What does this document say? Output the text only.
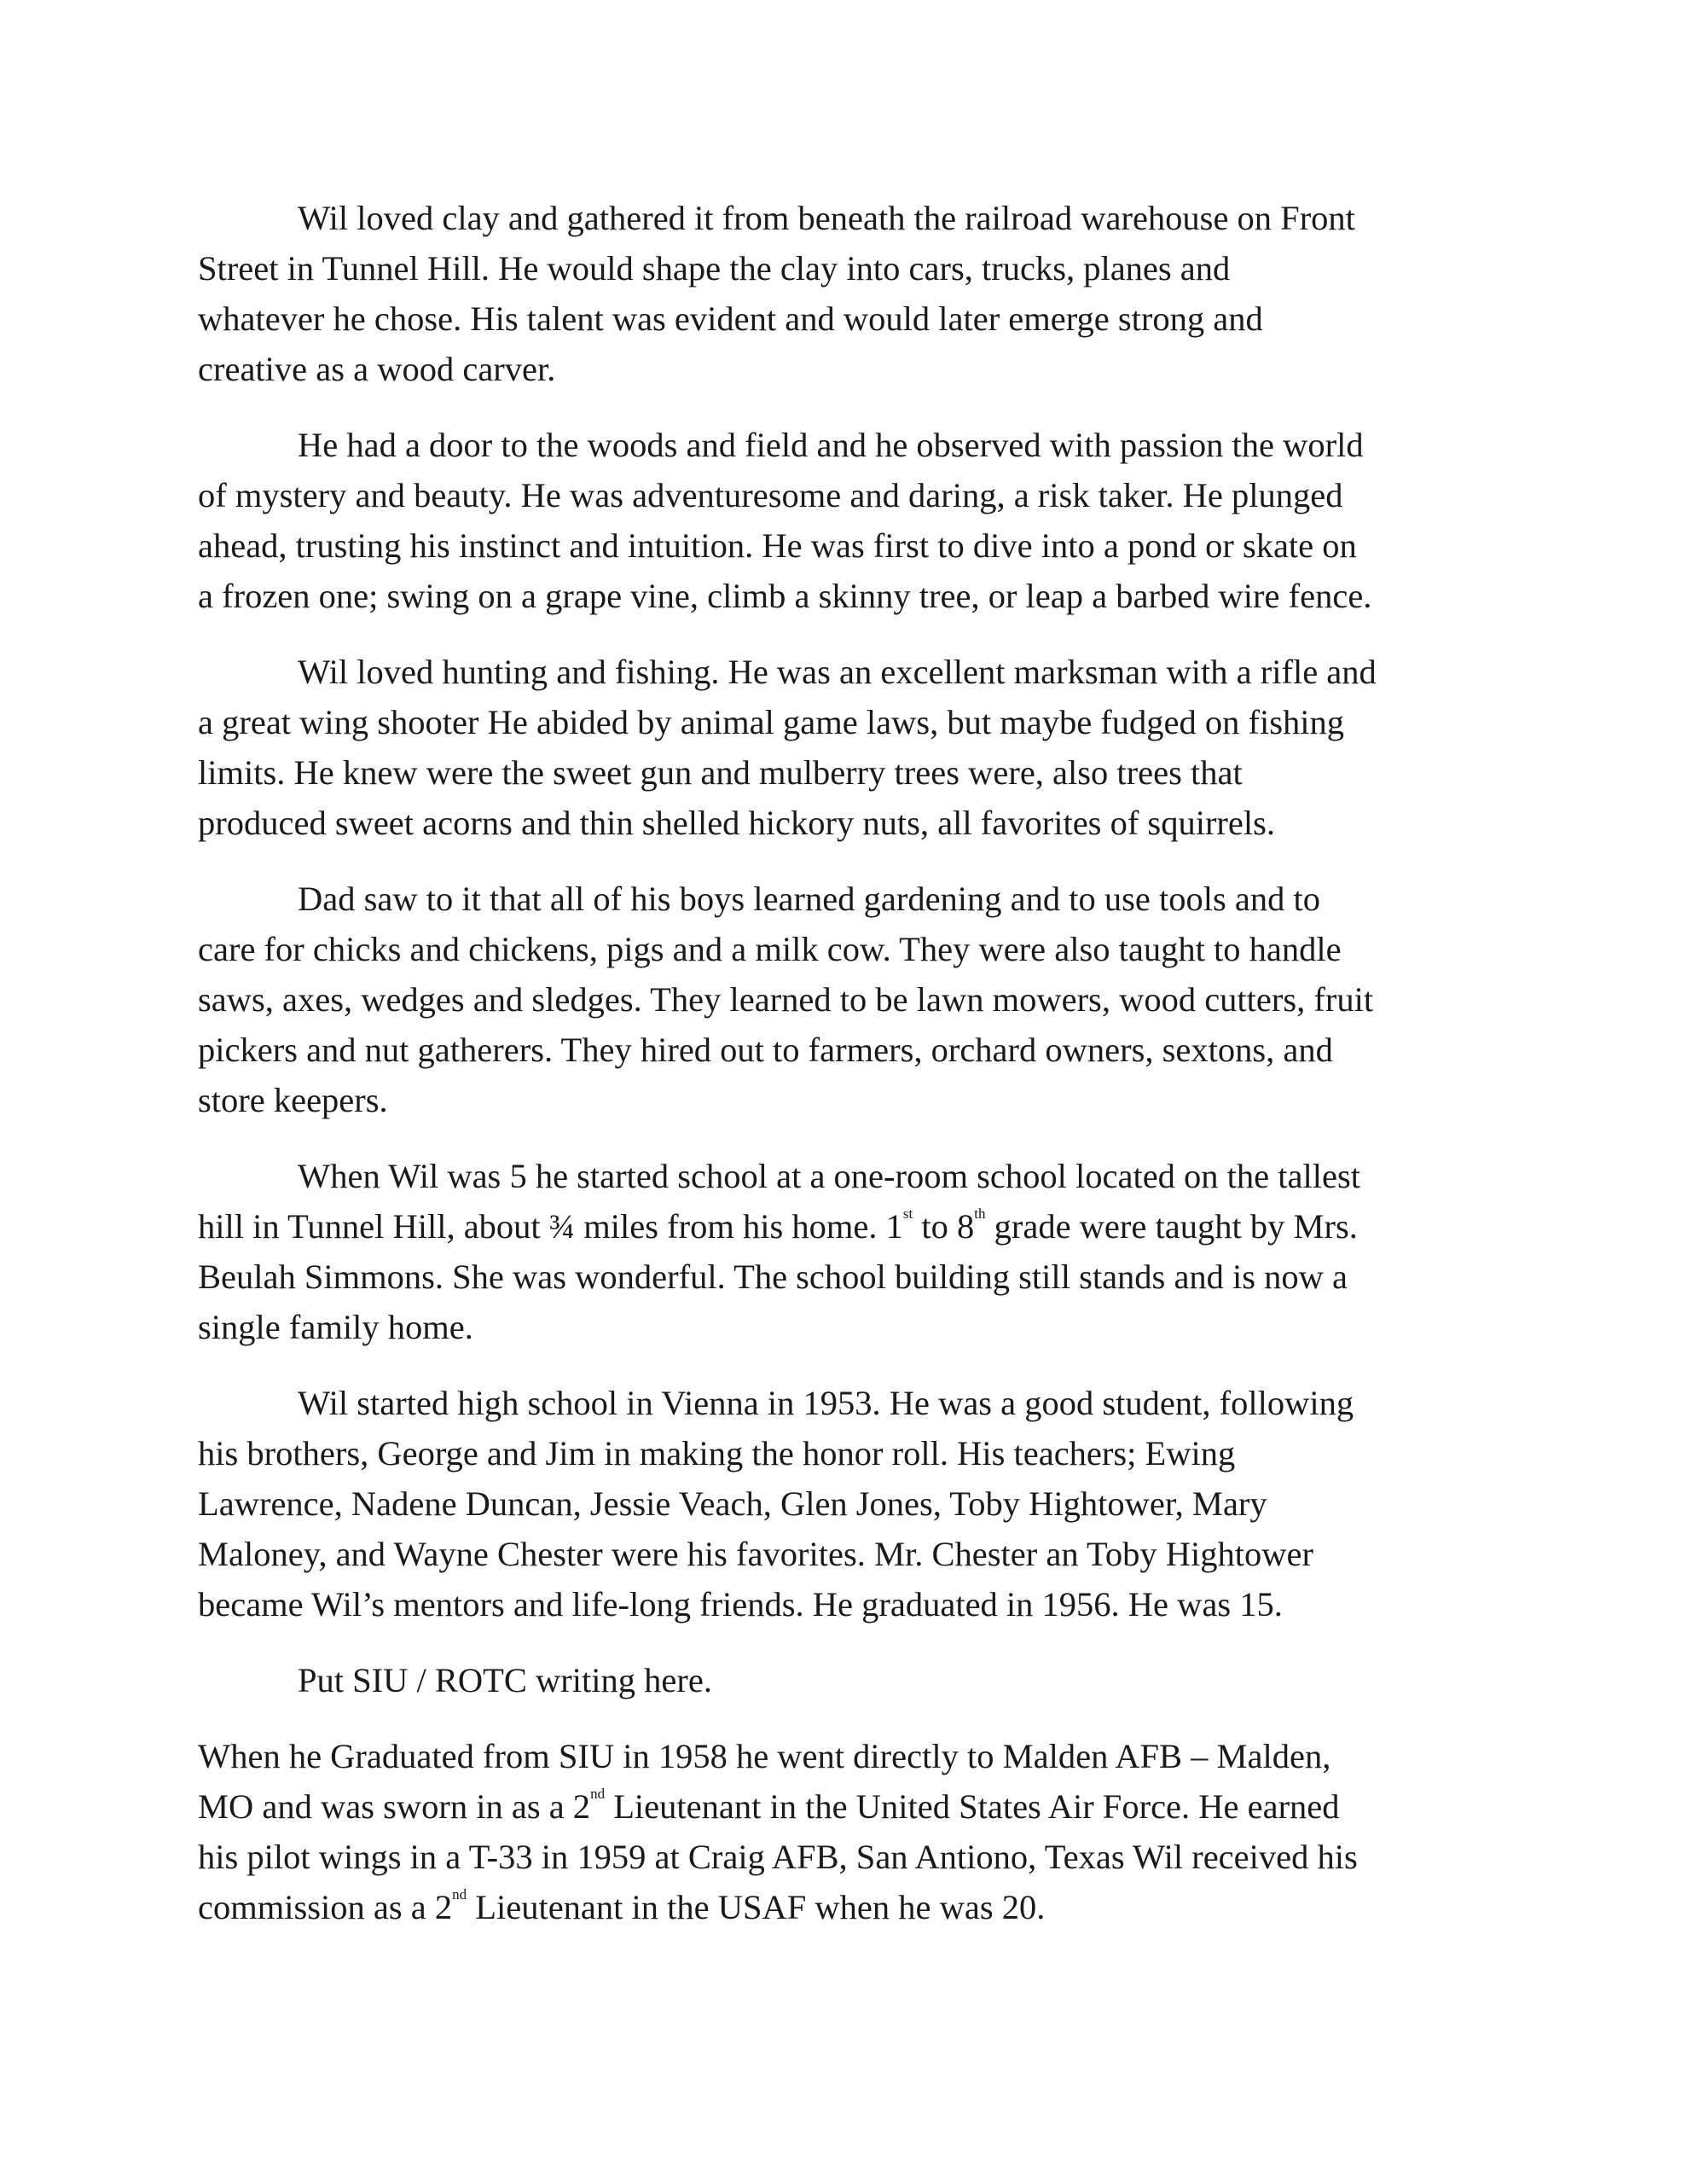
Wil loved clay and gathered it from beneath the railroad warehouse on Front
Street in Tunnel Hill. He would shape the clay into cars, trucks, planes and
whatever he chose. His talent was evident and would later emerge strong and
creative as a wood carver.

He had a door to the woods and field and he observed with passion the world
of mystery and beauty. He was adventuresome and daring, a risk taker. He plunged
ahead, trusting his instinct and intuition. He was first to dive into a pond or skate on
a frozen one; swing on a grape vine, climb a skinny tree, or leap a barbed wire fence.

Wil loved hunting and fishing. He was an excellent marksman with a rifle and
a great wing shooter He abided by animal game laws, but maybe fudged on fishing
limits. He knew were the sweet gun and mulberry trees were, also trees that
produced sweet acorns and thin shelled hickory nuts, all favorites of squirrels.

Dad saw to it that all of his boys learned gardening and to use tools and to
care for chicks and chickens, pigs and a milk cow. They were also taught to handle
saws, axes, wedges and sledges. They learned to be lawn mowers, wood cutters, fruit
pickers and nut gatherers. They hired out to farmers, orchard owners, sextons, and
store keepers.

When Wil was 5 he started school at a one-room school located on the tallest
hill in Tunnel Hill, about ¾ miles from his home. 1st to 8th grade were taught by Mrs.
Beulah Simmons. She was wonderful. The school building still stands and is now a
single family home.

Wil started high school in Vienna in 1953. He was a good student, following
his brothers, George and Jim in making the honor roll. His teachers; Ewing
Lawrence, Nadene Duncan, Jessie Veach, Glen Jones, Toby Hightower, Mary
Maloney, and Wayne Chester were his favorites. Mr. Chester an Toby Hightower
became Wil’s mentors and life-long friends. He graduated in 1956. He was 15.

Put SIU / ROTC writing here.

When he Graduated from SIU in 1958 he went directly to Malden AFB – Malden,
MO and was sworn in as a 2nd Lieutenant in the United States Air Force. He earned
his pilot wings in a T-33 in 1959 at Craig AFB, San Antiono, Texas Wil received his
commission as a 2nd Lieutenant in the USAF when he was 20.
